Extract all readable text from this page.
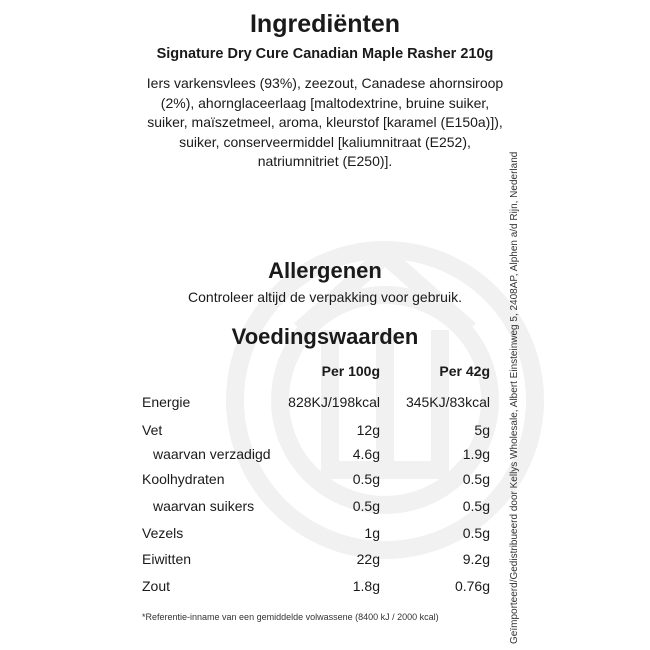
Ingrediënten
Signature Dry Cure Canadian Maple Rasher 210g
Iers varkensvlees (93%), zeezout, Canadese ahornsiroop (2%), ahornglaceerlaag [maltodextrine, bruine suiker, suiker, maïszetmeel, aroma, kleurstof [karamel (E150a)]), suiker, conserveermiddel [kaliumnitraat (E252), natriumnitriet (E250)].
Allergenen
Controleer altijd de verpakking voor gebruik.
Voedingswaarden
Per 100g	Per 42g
Energie	828KJ/198kcal	345KJ/83kcal
Vet	12g	5g
waarvan verzadigd	4.6g	1.9g
Koolhydraten	0.5g	0.5g
waarvan suikers	0.5g	0.5g
Vezels	1g	0.5g
Eiwitten	22g	9.2g
Zout	1.8g	0.76g
*Referentie-inname van een gemiddelde volwassene (8400 kJ / 2000 kcal)	Geïmporteerd/Gedistribueerd door Kellys Wholesale, Albert Einsteinweg 5, 2408AP, Alphen a/d Rijn, Nederland
